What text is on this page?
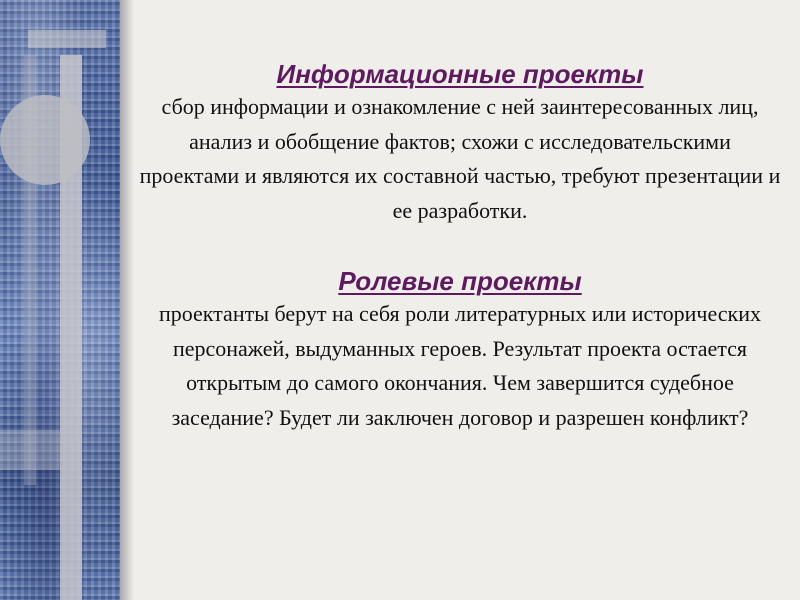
Информационные проекты

сбор информации и ознакомление с ней заинтересованных лиц, анализ и обобщение фактов; схожи с исследовательскими проектами и являются их составной частью, требуют презентации и ее разработки.

Ролевые проекты

проектанты берут на себя роли литературных или исторических персонажей, выдуманных героев. Результат проекта остается открытым до самого окончания. Чем завершится судебное заседание? Будет ли заключен договор и разрешен конфликт?
